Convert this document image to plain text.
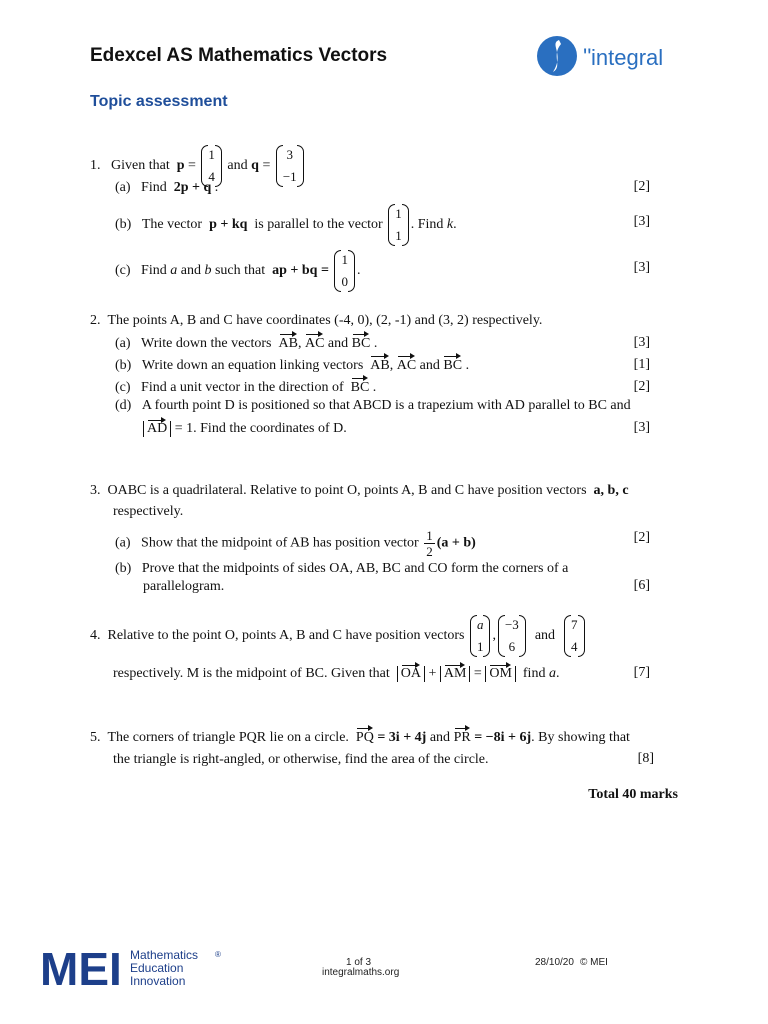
Edexcel AS Mathematics Vectors
Topic assessment
'' integral
1. Given that p =
1
4
and q =
3
−1
(a) Find 2p + q .	[2]
(b) The vector p + kq is parallel to the vector
1
1
. Find k.	[3]
(c) Find a and b such that ap + bq =
1
0
.	[3]
2. The points A, B and C have coordinates (-4, 0), (2, -1) and (3, 2) respectively.
(a) Write down the vectors AB, AC and BC .	[3]
(b) Write down an equation linking vectors AB, AC and BC .	[1]
(c) Find a unit vector in the direction of BC .	[2]
(d) A fourth point D is positioned so that ABCD is a trapezium with AD parallel to BC and
AD = 1. Find the coordinates of D.	[3]
3. OABC is a quadrilateral. Relative to point O, points A, B and C have position vectors a, b, c
respectively.
(a) Show that the midpoint of AB has position vector $\frac{1}{2} (a + b)$	[2]
(b) Prove that the midpoints of sides OA, AB, BC and CO form the corners of a
parallelogram.	[6]
4. Relative to the point O, points A, B and C have position vectors
a
1
,
−3
6
and
7
4
respectively. M is the midpoint of BC. Given that OA + AM = OM find a.	[7]
5. The corners of triangle PQR lie on a circle. PQ = 3i + 4j and PR = −8i + 6j. By showing that
the triangle is right-angled, or otherwise, find the area of the circle.	[8]
Total 40 marks
MEI Mathematics ®
Education
Innovation
1 of 3
integralmaths.org
28/10/20 © MEI
